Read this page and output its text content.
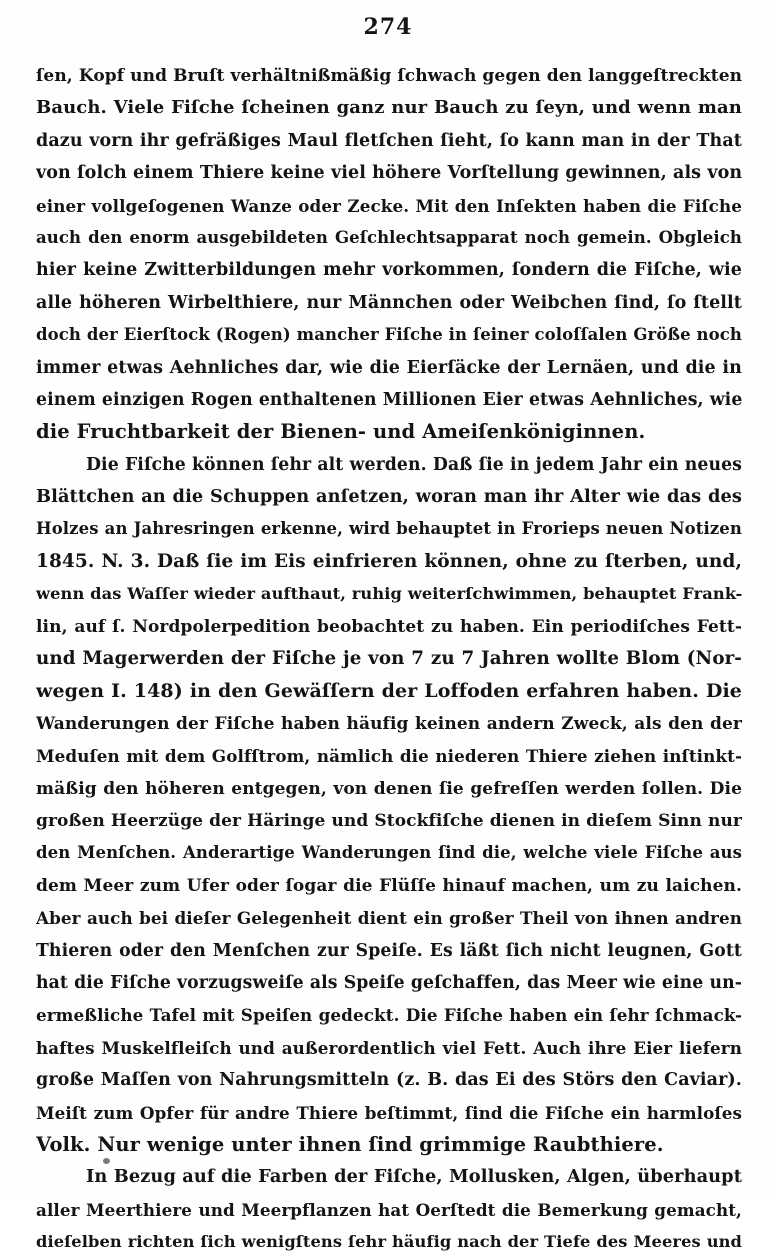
274
ſen, Kopf und Bruſt verhältnißmäßig ſchwach gegen den langgeſtreckten
Bauch. Viele Fiſche ſcheinen ganz nur Bauch zu ſeyn, und wenn man
dazu vorn ihr gefräßiges Maul fletſchen ſieht, ſo kann man in der That
von ſolch einem Thiere keine viel höhere Vorſtellung gewinnen, als von
einer vollgeſogenen Wanze oder Zecke. Mit den Inſekten haben die Fiſche
auch den enorm ausgebildeten Geſchlechtsapparat noch gemein. Obgleich
hier keine Zwitterbildungen mehr vorkommen, ſondern die Fiſche, wie
alle höheren Wirbelthiere, nur Männchen oder Weibchen ſind, ſo ſtellt
doch der Eierſtock (Rogen) mancher Fiſche in ſeiner coloſſalen Größe noch
immer etwas Aehnliches dar, wie die Eierſäcke der Lernäen, und die in
einem einzigen Rogen enthaltenen Millionen Eier etwas Aehnliches, wie
die Fruchtbarkeit der Bienen- und Ameiſenköniginnen.
Die Fiſche können ſehr alt werden. Daß ſie in jedem Jahr ein neues
Blättchen an die Schuppen anſetzen, woran man ihr Alter wie das des
Holzes an Jahresringen erkenne, wird behauptet in Frorieps neuen Notizen
1845. N. 3. Daß ſie im Eis einfrieren können, ohne zu ſterben, und,
wenn das Waſſer wieder aufthaut, ruhig weiterſchwimmen, behauptet Frank-
lin, auf ſ. Nordpolerpedition beobachtet zu haben. Ein periodiſches Fett-
und Magerwerden der Fiſche je von 7 zu 7 Jahren wollte Blom (Nor-
wegen I. 148) in den Gewäſſern der Loffoden erfahren haben. Die
Wanderungen der Fiſche haben häufig keinen andern Zweck, als den der
Meduſen mit dem Golfſtrom, nämlich die niederen Thiere ziehen inſtinkt-
mäßig den höheren entgegen, von denen ſie gefreſſen werden ſollen. Die
großen Heerzüge der Häringe und Stockfiſche dienen in dieſem Sinn nur
den Menſchen. Anderartige Wanderungen ſind die, welche viele Fiſche aus
dem Meer zum Ufer oder ſogar die Flüſſe hinauf machen, um zu laichen.
Aber auch bei dieſer Gelegenheit dient ein großer Theil von ihnen andren
Thieren oder den Menſchen zur Speiſe. Es läßt ſich nicht leugnen, Gott
hat die Fiſche vorzugsweiſe als Speiſe geſchaffen, das Meer wie eine un-
ermeßliche Tafel mit Speiſen gedeckt. Die Fiſche haben ein ſehr ſchmack-
haftes Muskelfleiſch und außerordentlich viel Fett. Auch ihre Eier liefern
große Maſſen von Nahrungsmitteln (z. B. das Ei des Störs den Caviar).
Meiſt zum Opfer für andre Thiere beſtimmt, ſind die Fiſche ein harmloſes
Volk. Nur wenige unter ihnen ſind grimmige Raubthiere.
In Bezug auf die Farben der Fiſche, Mollusken, Algen, überhaupt
aller Meerthiere und Meerpflanzen hat Oerſtedt die Bemerkung gemacht,
dieſelben richten ſich wenigſtens ſehr häufig nach der Tiefe des Meeres und
